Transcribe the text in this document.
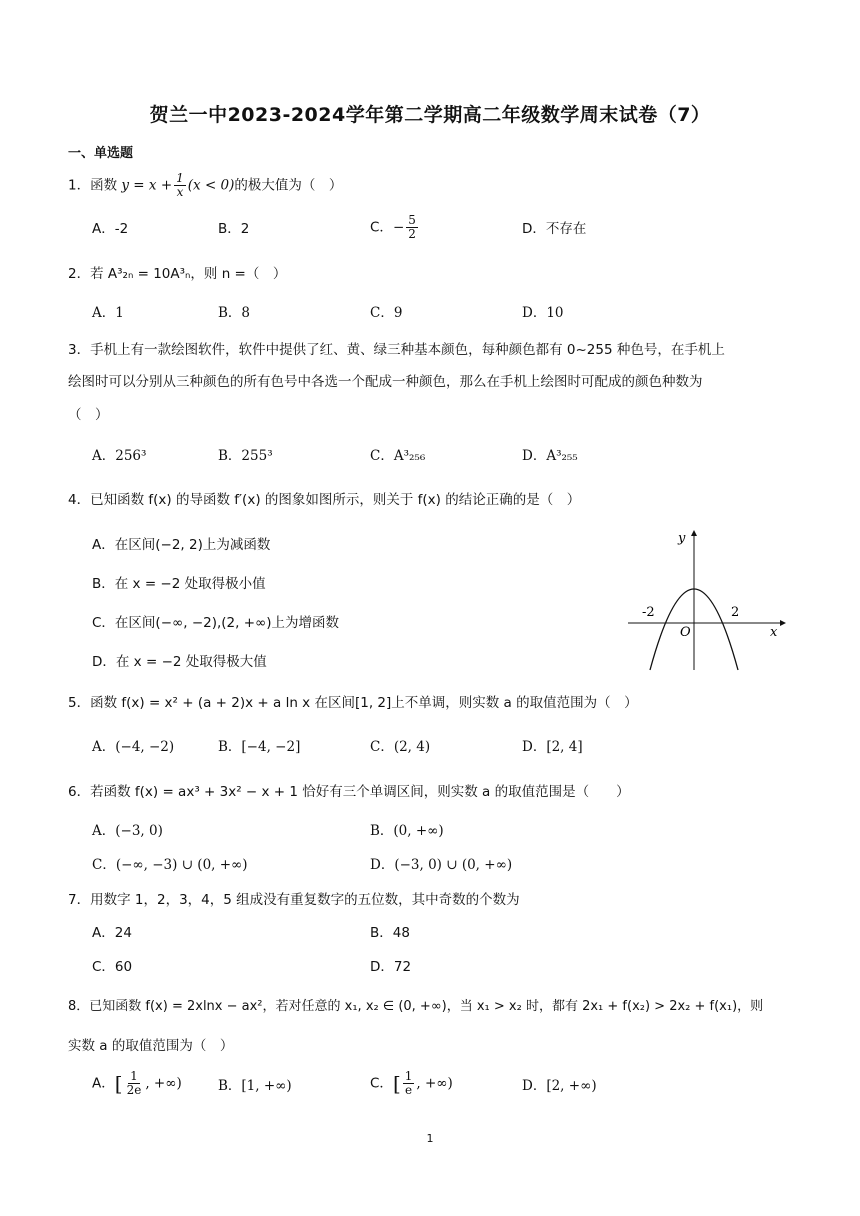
贺兰一中2023-2024学年第二学期高二年级数学周末试卷（7）
一、单选题
1．函数 $y = x + \frac{1}{x} (x < 0)$的极大值为（　）
A．-2	B．2	C．− $\frac{5}{2}$	D．不存在
2．若 A³₂ₙ = 10A³ₙ，则 n =（　）
A．1	B．8	C．9	D．10
3．手机上有一款绘图软件，软件中提供了红、黄、绿三种基本颜色，每种颜色都有 0~255 种色号，在手机上
绘图时可以分别从三种颜色的所有色号中各选一个配成一种颜色，那么在手机上绘图时可配成的颜色种数为
（　）
A．256³	B．255³	C．A³₂₅₆	D．A³₂₅₅
4．已知函数 f(x) 的导函数 f′(x) 的图象如图所示，则关于 f(x) 的结论正确的是（　）
A．在区间(−2, 2)上为减函数
B．在 x = −2 处取得极小值
C．在区间(−∞, −2),(2, +∞)上为增函数
D．在 x = −2 处取得极大值
y
x
O
-2	2
5．函数 f(x) = x² + (a + 2)x + a ln x 在区间[1, 2]上不单调，则实数 a 的取值范围为（　）
A．(−4, −2)	B．[−4, −2]	C．(2, 4)	D．[2, 4]
6．若函数 f(x) = ax³ + 3x² − x + 1 恰好有三个单调区间，则实数 a 的取值范围是（　　）
A．(−3, 0)	B．(0, +∞)
C．(−∞, −3) ∪ (0, +∞)	D．(−3, 0) ∪ (0, +∞)
7．用数字 1，2，3，4，5 组成没有重复数字的五位数，其中奇数的个数为
A．24	B．48
C．60	D．72
8．已知函数 f(x) = 2xlnx − ax²，若对任意的 x₁, x₂ ∈ (0, +∞)，当 x₁ > x₂ 时，都有 2x₁ + f(x₂) > 2x₂ + f(x₁)，则
实数 a 的取值范围为（　）
A．[ $\frac{1}{2e}$ , +∞)	B．[1, +∞)	C．[ $\frac{1}{e}$ , +∞)	D．[2, +∞)
1
